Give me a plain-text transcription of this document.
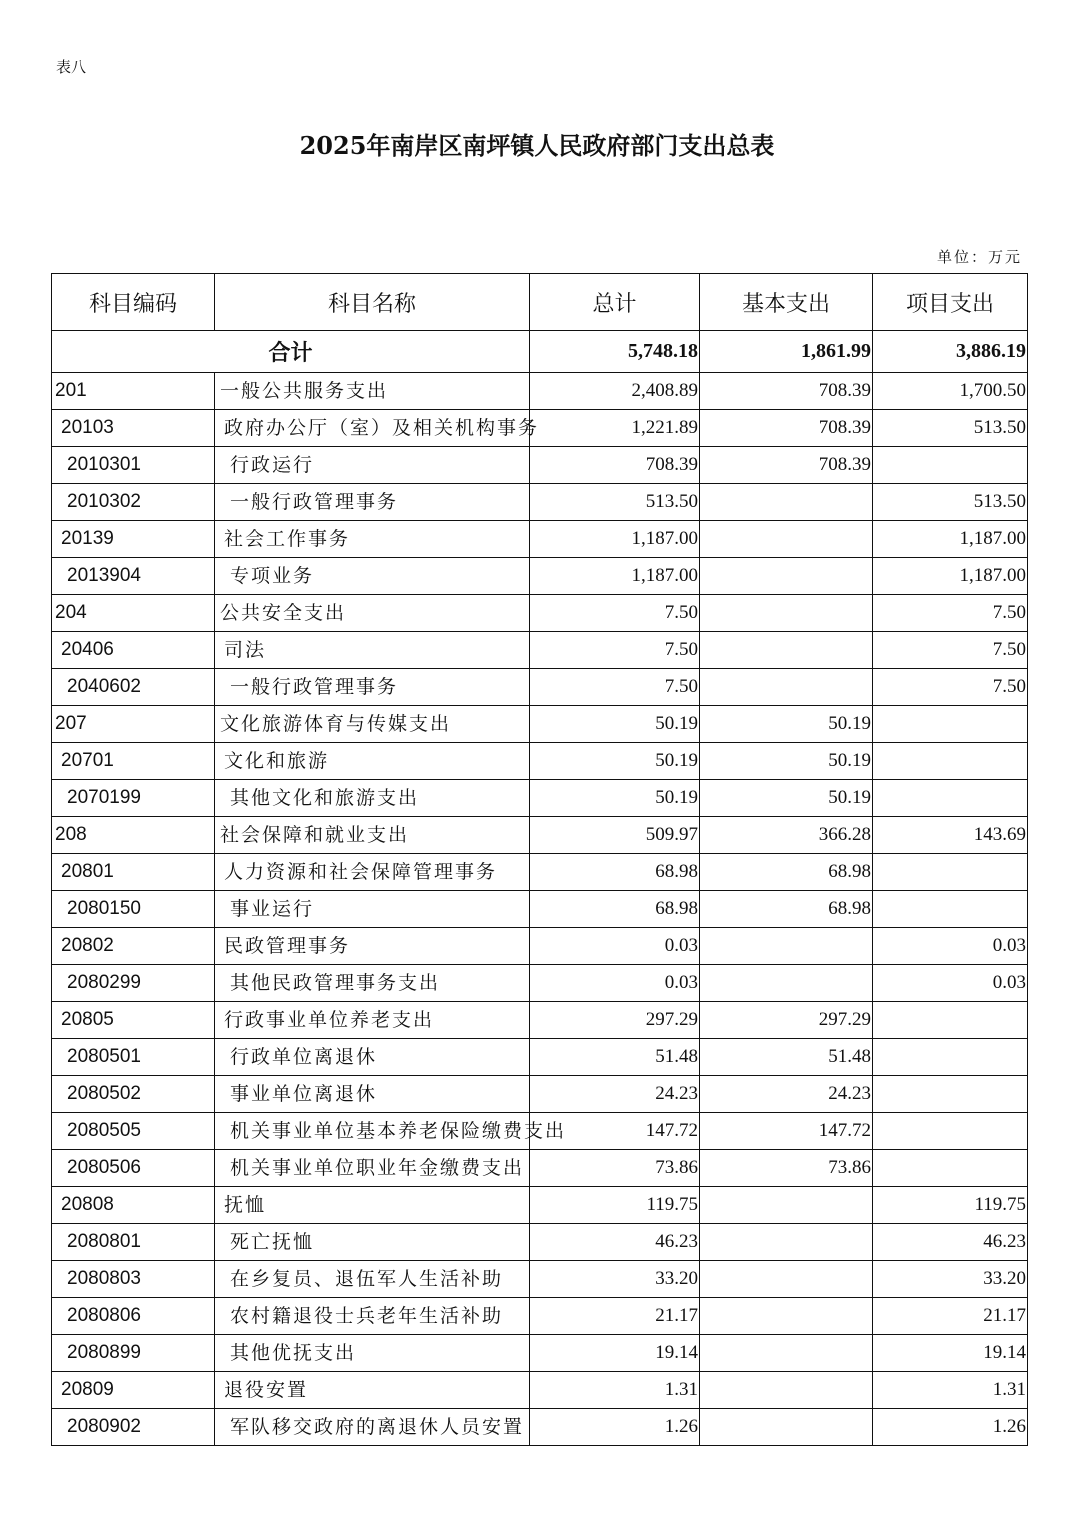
表八
2025年南岸区南坪镇人民政府部门支出总表
单位：万元
科目编码	科目名称	总计	基本支出	项目支出
合计		5,748.18	1,861.99	3,886.19
201	一般公共服务支出	2,408.89	708.39	1,700.50
20103	政府办公厅（室）及相关机构事务	1,221.89	708.39	513.50
2010301	行政运行	708.39	708.39	
2010302	一般行政管理事务	513.50		513.50
20139	社会工作事务	1,187.00		1,187.00
2013904	专项业务	1,187.00		1,187.00
204	公共安全支出	7.50		7.50
20406	司法	7.50		7.50
2040602	一般行政管理事务	7.50		7.50
207	文化旅游体育与传媒支出	50.19	50.19	
20701	文化和旅游	50.19	50.19	
2070199	其他文化和旅游支出	50.19	50.19	
208	社会保障和就业支出	509.97	366.28	143.69
20801	人力资源和社会保障管理事务	68.98	68.98	
2080150	事业运行	68.98	68.98	
20802	民政管理事务	0.03		0.03
2080299	其他民政管理事务支出	0.03		0.03
20805	行政事业单位养老支出	297.29	297.29	
2080501	行政单位离退休	51.48	51.48	
2080502	事业单位离退休	24.23	24.23	
2080505	机关事业单位基本养老保险缴费支出	147.72	147.72	
2080506	机关事业单位职业年金缴费支出	73.86	73.86	
20808	抚恤	119.75		119.75
2080801	死亡抚恤	46.23		46.23
2080803	在乡复员、退伍军人生活补助	33.20		33.20
2080806	农村籍退役士兵老年生活补助	21.17		21.17
2080899	其他优抚支出	19.14		19.14
20809	退役安置	1.31		1.31
2080902	军队移交政府的离退休人员安置	1.26		1.26
